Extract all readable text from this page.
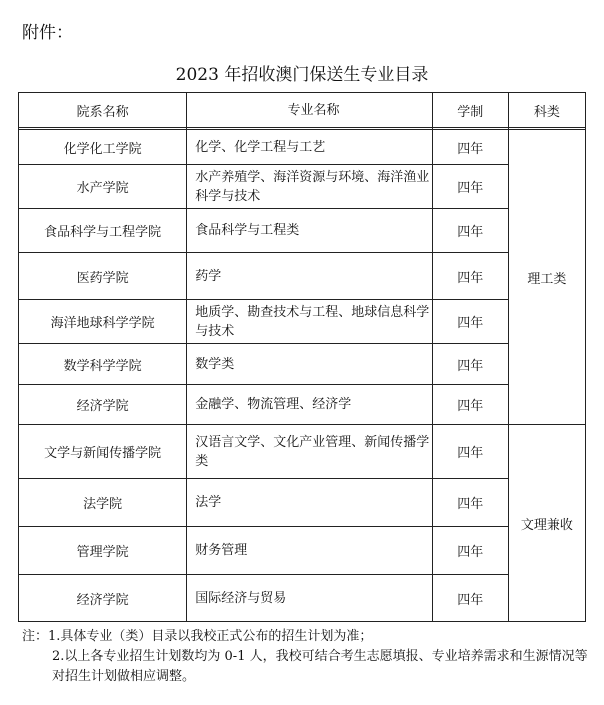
附件：
2023 年招收澳门保送生专业目录
院系名称	专业名称	学制	科类

化学化工学院	化学、化学工程与工艺	四年	理工类
水产学院	水产养殖学、海洋资源与环境、海洋渔业科学与技术	四年	
食品科学与工程学院	食品科学与工程类	四年	
医药学院	药学	四年	
海洋地球科学学院	地质学、勘查技术与工程、地球信息科学与技术	四年	
数学科学学院	数学类	四年	
经济学院	金融学、物流管理、经济学	四年	
文学与新闻传播学院	汉语言文学、文化产业管理、新闻传播学类	四年	文理兼收
法学院	法学	四年	
管理学院	财务管理	四年	
经济学院	国际经济与贸易	四年	

注：1.具体专业（类）目录以我校正式公布的招生计划为准；

2.以上各专业招生计划数均为 0-1 人，我校可结合考生志愿填报、专业培养需求和生源情况等对招生计划做相应调整。
